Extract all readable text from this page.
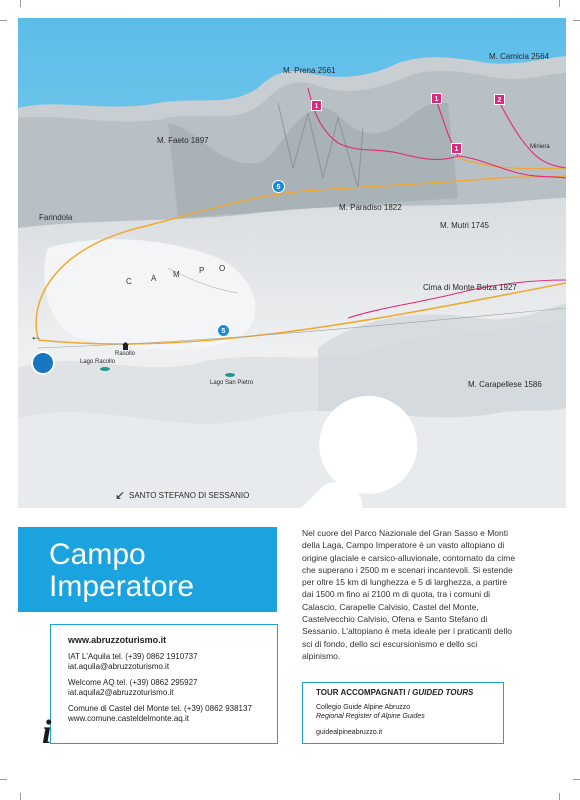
M. Camicia 2564
M. Prena 2561
M. Faeto 1897
Miniera
Farindola
M. Paradiso 1822
M. Mutri 1745
Cima di Monte Bolza 1927
M. Carapellese 1586
C A M P O
Rasollo
Lago Racollo
Lago San Pietro
SANTO STEFANO DI SESSANIO
1
1	2
1
5
5
←
↙
Campo
Imperatore
www.abruzzoturismo.it
IAT L'Aquila tel. (+39) 0862 1910737
iat.aquila@abruzzoturismo.it
Welcome AQ tel. (+39) 0862 295927
iat.aquila2@abruzzoturismo.it
Comune di Castel del Monte tel. (+39) 0862 938137
www.comune.casteldelmonte.aq.it
i
Nel cuore del Parco Nazionale del Gran Sasso e Monti della Laga, Campo Imperatore è un vasto altopiano di origine glaciale e carsico-alluvionale, contornato da cime che superano i 2500 m e scenari incantevoli. Si estende per oltre 15 km di lunghezza e 5 di larghezza, a partire dai 1500 m fino ai 2100 m di quota, tra i comuni di Calascio, Carapelle Calvisio, Castel del Monte, Castelvecchio Calvisio, Ofena e Santo Stefano di Sessanio. L'altopiano è meta ideale per i praticanti dello sci di fondo, dello sci escursionismo e dello sci alpinismo.
TOUR ACCOMPAGNATI / GUIDED TOURS
Collegio Guide Alpine Abruzzo
Regional Register of Alpine Guides
guidealpineabruzzo.it
